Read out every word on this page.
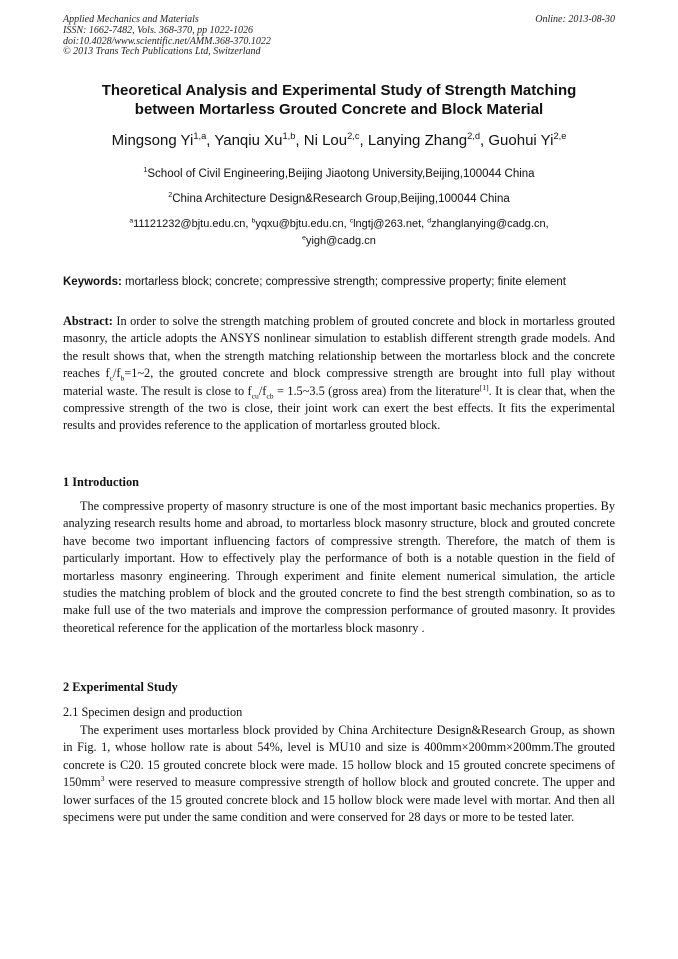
Applied Mechanics and Materials
ISSN: 1662-7482, Vols. 368-370, pp 1022-1026
doi:10.4028/www.scientific.net/AMM.368-370.1022
© 2013 Trans Tech Publications Ltd, Switzerland
Online: 2013-08-30
Theoretical Analysis and Experimental Study of Strength Matching
between Mortarless Grouted Concrete and Block Material
Mingsong Yi$^{1,a}$, Yanqiu Xu$^{1,b}$, Ni Lou$^{2,c}$, Lanying Zhang$^{2,d}$, Guohui Yi$^{2,e}$
$^1$School of Civil Engineering,Beijing Jiaotong University,Beijing,100044 China
$^2$China Architecture Design&Research Group,Beijing,100044 China
$^a$11121232@bjtu.edu.cn, $^b$yqxu@bjtu.edu.cn, $^c$lngtj@263.net, $^d$zhanglanying@cadg.cn,
$^e$yigh@cadg.cn
Keywords: mortarless block; concrete; compressive strength; compressive property; finite element
Abstract: In order to solve the strength matching problem of grouted concrete and block in mortarless grouted masonry, the article adopts the ANSYS nonlinear simulation to establish different strength grade models. And the result shows that, when the strength matching relationship between the mortarless block and the concrete reaches $f_c/f_b=1\sim 2$, the grouted concrete and block compressive strength are brought into full play without material waste. The result is close to $f_{cu}/f_{cb}$ = 1.5~3.5 (gross area) from the literature[1]. It is clear that, when the compressive strength of the two is close, their joint work can exert the best effects. It fits the experimental results and provides reference to the application of mortarless grouted block.
1 Introduction
The compressive property of masonry structure is one of the most important basic mechanics properties. By analyzing research results home and abroad, to mortarless block masonry structure, block and grouted concrete have become two important influencing factors of compressive strength. Therefore, the match of them is particularly important. How to effectively play the performance of both is a notable question in the field of mortarless masonry engineering. Through experiment and finite element numerical simulation, the article studies the matching problem of block and the grouted concrete to find the best strength combination, so as to make full use of the two materials and improve the compression performance of grouted masonry. It provides theoretical reference for the application of the mortarless block masonry .
2 Experimental Study
2.1 Specimen design and production
The experiment uses mortarless block provided by China Architecture Design&Research Group, as shown in Fig. 1, whose hollow rate is about 54%, level is MU10 and size is 400mm×200mm×200mm.The grouted concrete is C20. 15 grouted concrete block were made. 15 hollow block and 15 grouted concrete specimens of $150mm^3$ were reserved to measure compressive strength of hollow block and grouted concrete. The upper and lower surfaces of the 15 grouted concrete block and 15 hollow block were made level with mortar. And then all specimens were put under the same condition and were conserved for 28 days or more to be tested later.
